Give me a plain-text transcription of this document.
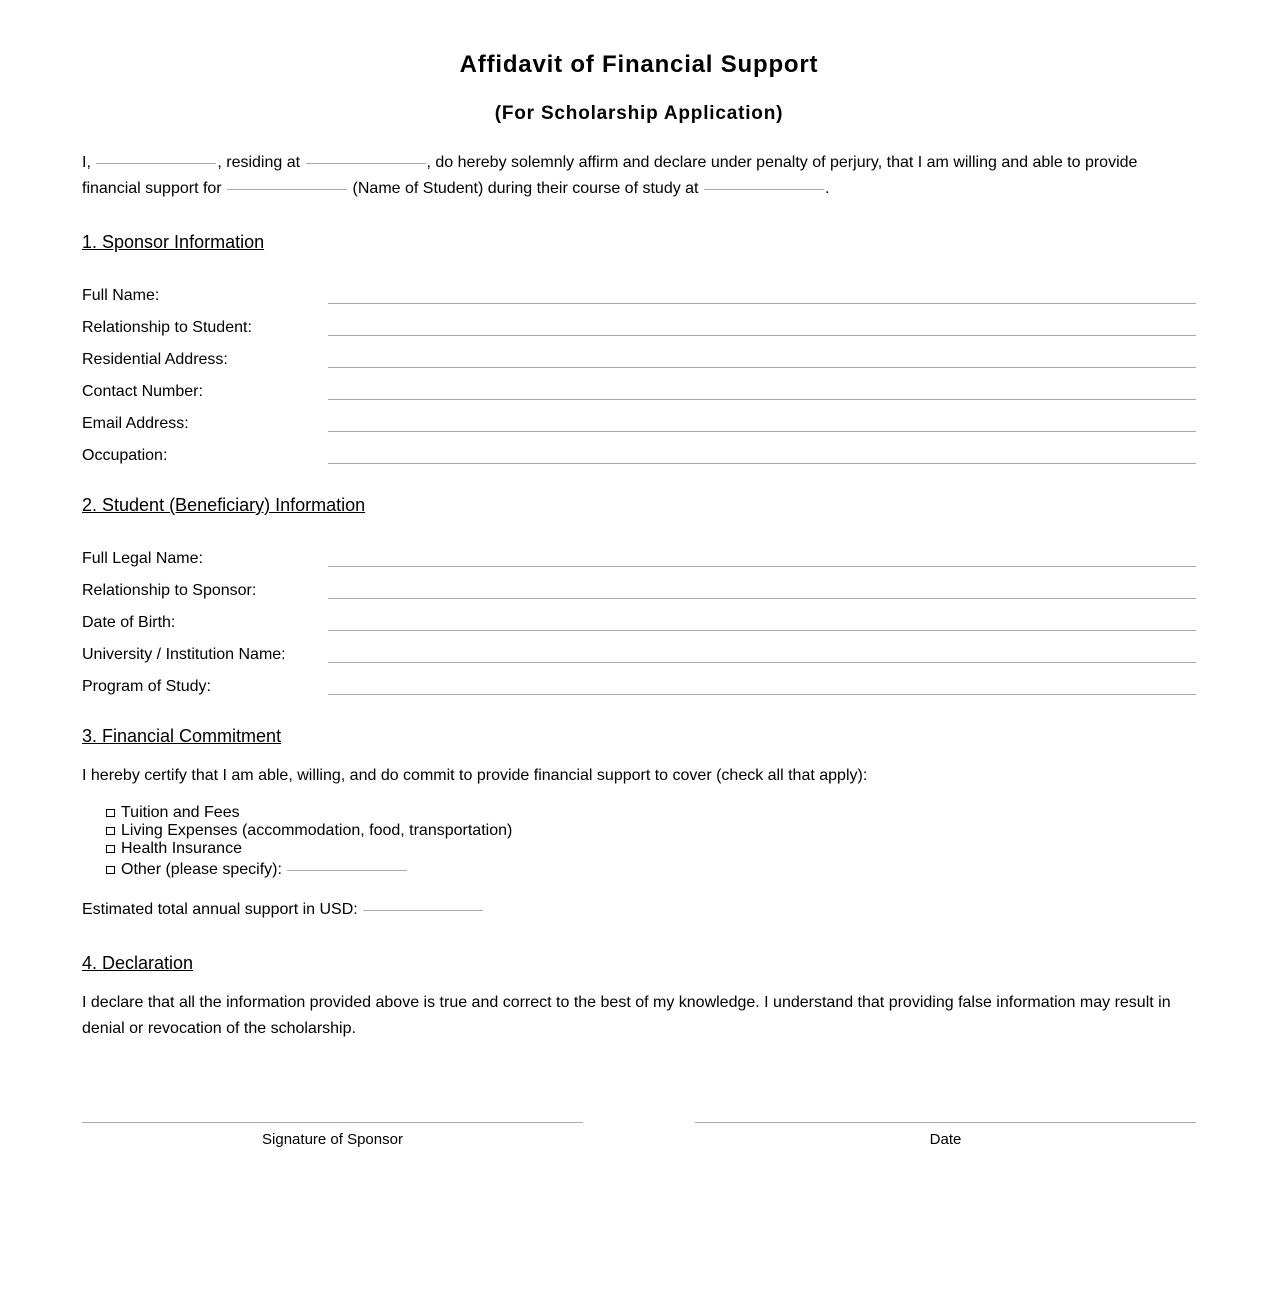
Affidavit of Financial Support
(For Scholarship Application)

I,	, residing at	, do hereby solemnly affirm and declare under penalty of perjury, that I am willing and able to provide financial support for	(Name of Student) during their course of study at	.

1. Sponsor Information
Full Name:
Relationship to Student:
Residential Address:
Contact Number:
Email Address:
Occupation:
2. Student (Beneficiary) Information
Full Legal Name:
Relationship to Sponsor:
Date of Birth:
University / Institution Name:
Program of Study:
3. Financial Commitment

I hereby certify that I am able, willing, and do commit to provide financial support to cover (check all that apply):

Tuition and Fees
Living Expenses (accommodation, food, transportation)
Health Insurance
Other (please specify):

Estimated total annual support in USD:

4. Declaration

I declare that all the information provided above is true and correct to the best of my knowledge. I understand that providing false information may result in denial or revocation of the scholarship.

Signature of Sponsor	Date
